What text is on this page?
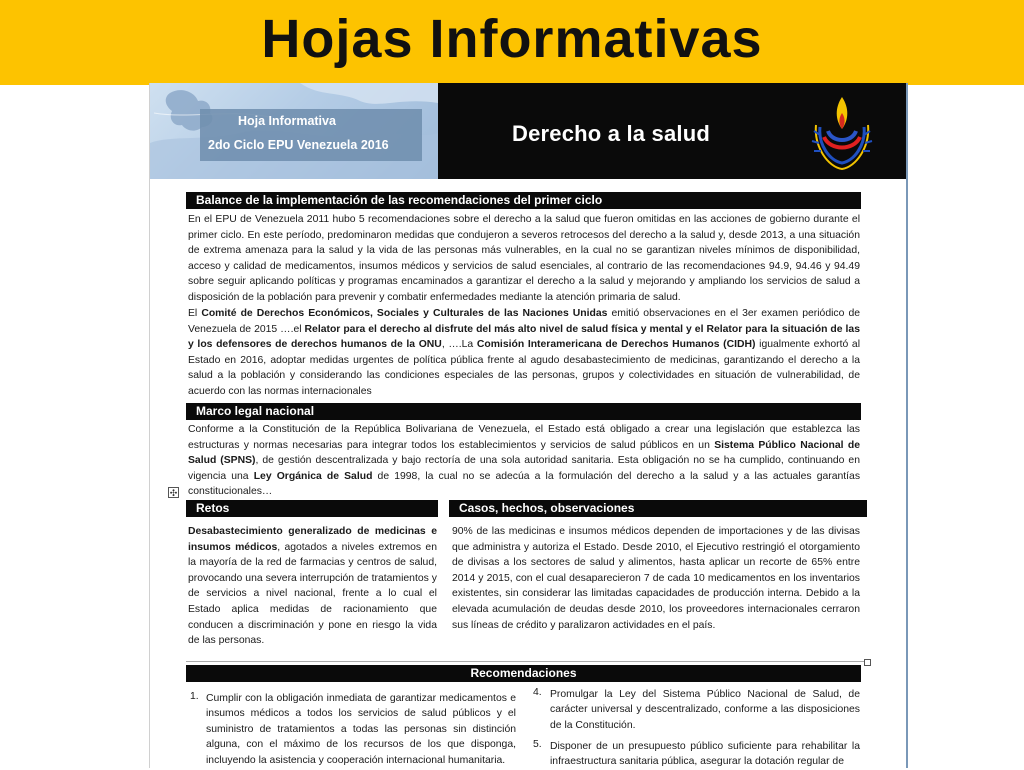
Hojas Informativas
Hoja Informativa
2do Ciclo EPU Venezuela 2016	Derecho a la salud
Balance de la implementación de las recomendaciones del primer ciclo

En el EPU de Venezuela 2011 hubo 5 recomendaciones sobre el derecho a la salud que fueron omitidas en las acciones de gobierno durante el primer ciclo. En este período, predominaron medidas que condujeron a severos retrocesos del derecho a la salud y, desde 2013, a una situación de extrema amenaza para la salud y la vida de las personas más vulnerables, en la cual no se garantizan niveles mínimos de disponibilidad, acceso y calidad de medicamentos, insumos médicos y servicios de salud esenciales, al contrario de las recomendaciones 94.9, 94.46 y 94.49 sobre seguir aplicando políticas y programas encaminados a garantizar el derecho a la salud y mejorando y ampliando los servicios de salud a disposición de la población para prevenir y combatir enfermedades mediante la atención primaria de salud.

El Comité de Derechos Económicos, Sociales y Culturales de las Naciones Unidas emitió observaciones en el 3er examen periódico de Venezuela de 2015 ….el Relator para el derecho al disfrute del más alto nivel de salud física y mental y el Relator para la situación de las y los defensores de derechos humanos de la ONU, ….La Comisión Interamericana de Derechos Humanos (CIDH) igualmente exhortó al Estado en 2016, adoptar medidas urgentes de política pública frente al agudo desabastecimiento de medicinas, garantizando el derecho a la salud a la población y considerando las condiciones especiales de las personas, grupos y colectividades en situación de vulnerabilidad, de acuerdo con las normas internacionales

Marco legal nacional

Conforme a la Constitución de la República Bolivariana de Venezuela, el Estado está obligado a crear una legislación que establezca las estructuras y normas necesarias para integrar todos los establecimientos y servicios de salud públicos en un Sistema Público Nacional de Salud (SPNS), de gestión descentralizada y bajo rectoría de una sola autoridad sanitaria. Esta obligación no se ha cumplido, continuando en vigencia una Ley Orgánica de Salud de 1998, la cual no se adecúa a la formulación del derecho a la salud y a las actuales garantías constitucionales…

✣
Retos	Casos, hechos, observaciones

Desabastecimiento generalizado de medicinas e insumos médicos, agotados a niveles extremos en la mayoría de la red de farmacias y centros de salud, provocando una severa interrupción de tratamientos y de servicios a nivel nacional, frente a lo cual el Estado aplica medidas de racionamiento que conducen a discriminación y pone en riesgo la vida de las personas.

90% de las medicinas e insumos médicos dependen de importaciones y de las divisas que administra y autoriza el Estado. Desde 2010, el Ejecutivo restringió el otorgamiento de divisas a los sectores de salud y alimentos, hasta aplicar un recorte de 65% entre 2014 y 2015, con el cual desaparecieron 7 de cada 10 medicamentos en los inventarios existentes, sin considerar las limitadas capacidades de producción interna. Debido a la elevada acumulación de deudas desde 2010, los proveedores internacionales cerraron sus líneas de crédito y paralizaron actividades en el país.

Recomendaciones
1. Cumplir con la obligación inmediata de garantizar medicamentos e insumos médicos a todos los servicios de salud públicos y el suministro de tratamientos a todas las personas sin distinción alguna, con el máximo de los recursos de los que disponga, incluyendo la asistencia y cooperación internacional humanitaria.
4. Promulgar la Ley del Sistema Público Nacional de Salud, de carácter universal y descentralizado, conforme a las disposiciones de la Constitución.
5. Disponer de un presupuesto público suficiente para rehabilitar la infraestructura sanitaria pública, asegurar la dotación regular de
